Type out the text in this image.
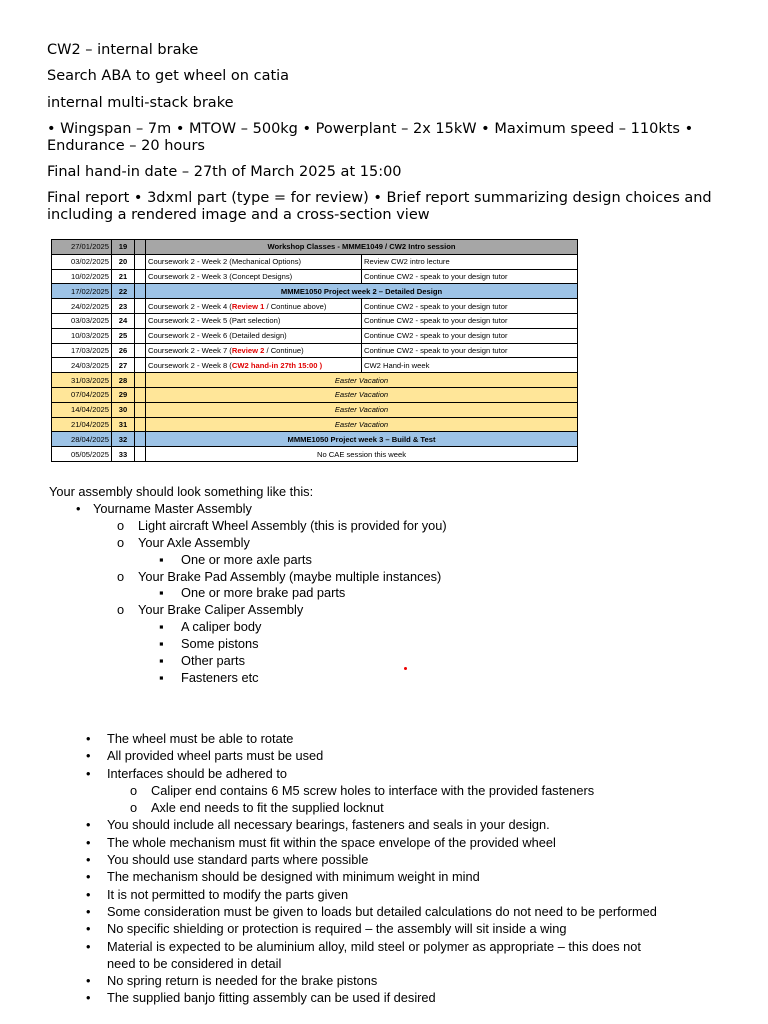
CW2 – internal brake

Search ABA to get wheel on catia

internal multi-stack brake

• Wingspan – 7m • MTOW – 500kg • Powerplant – 2x 15kW • Maximum speed – 110kts • Endurance – 20 hours

Final hand-in date – 27th of March 2025 at 15:00

Final report • 3dxml part (type = for review) • Brief report summarizing design choices and including a rendered image and a cross-section view

27/01/2025	19		Workshop Classes - MMME1049 / CW2 Intro session	
03/02/2025	20		Coursework 2 - Week 2 (Mechanical Options)	Review CW2 intro lecture
10/02/2025	21		Coursework 2 - Week 3 (Concept Designs)	Continue CW2 - speak to your design tutor
17/02/2025	22		MMME1050 Project week 2 – Detailed Design	
24/02/2025	23		Coursework 2 - Week 4 (Review 1 / Continue above)	Continue CW2 - speak to your design tutor
03/03/2025	24		Coursework 2 - Week 5 (Part selection)	Continue CW2 - speak to your design tutor
10/03/2025	25		Coursework 2 - Week 6 (Detailed design)	Continue CW2 - speak to your design tutor
17/03/2025	26		Coursework 2 - Week 7 (Review 2 / Continue)	Continue CW2 - speak to your design tutor
24/03/2025	27		Coursework 2 - Week 8 (CW2 hand-in 27th 15:00 )	CW2 Hand-in week
31/03/2025	28		Easter Vacation	
07/04/2025	29		Easter Vacation	
14/04/2025	30		Easter Vacation	
21/04/2025	31		Easter Vacation	
28/04/2025	32		MMME1050 Project week 3 – Build & Test	
05/05/2025	33		No CAE session this week	
Your assembly should look something like this:
• Yourname Master Assembly
o Light aircraft Wheel Assembly (this is provided for you)
o Your Axle Assembly
▪ One or more axle parts
o Your Brake Pad Assembly (maybe multiple instances)
▪ One or more brake pad parts
o Your Brake Caliper Assembly
▪ A caliper body
▪ Some pistons
▪ Other parts
▪ Fasteners etc
• The wheel must be able to rotate
• All provided wheel parts must be used
• Interfaces should be adhered to
o Caliper end contains 6 M5 screw holes to interface with the provided fasteners
o Axle end needs to fit the supplied locknut
• You should include all necessary bearings, fasteners and seals in your design.
• The whole mechanism must fit within the space envelope of the provided wheel
• You should use standard parts where possible
• The mechanism should be designed with minimum weight in mind
• It is not permitted to modify the parts given
• Some consideration must be given to loads but detailed calculations do not need to be performed
• No specific shielding or protection is required – the assembly will sit inside a wing
• Material is expected to be aluminium alloy, mild steel or polymer as appropriate – this does not need to be considered in detail
• No spring return is needed for the brake pistons
• The supplied banjo fitting assembly can be used if desired
